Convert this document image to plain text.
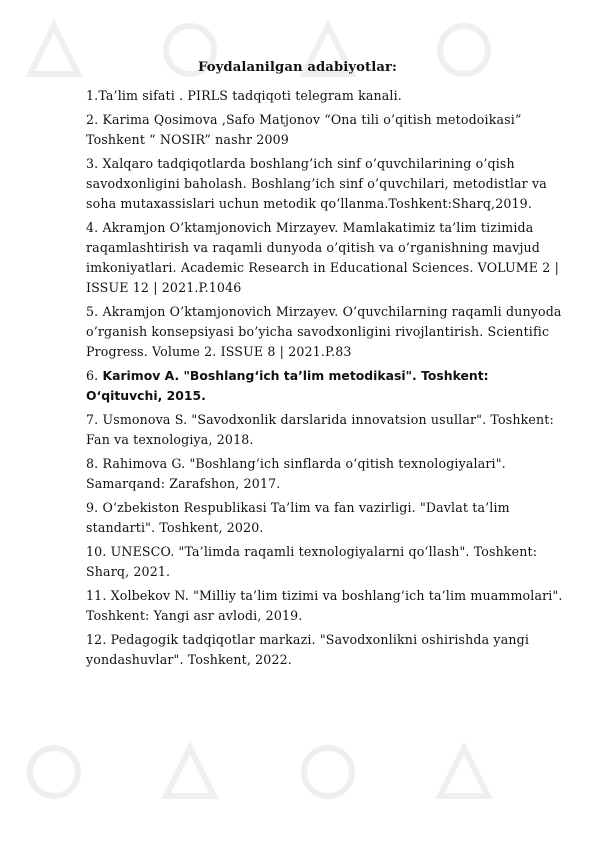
Foydalanilgan adabiyotlar:

1.Ta’lim sifati . PIRLS tadqiqoti telegram kanali.

2. Karima Qosimova ,Safo Matjonov “Ona tili o’qitish metodoikasi” Toshkent “ NOSIR” nashr 2009

3. Xalqaro tadqiqotlarda boshlang’ich sinf o’quvchilarining o’qish savodxonligini baholash. Boshlang’ich sinf o’quvchilari, metodistlar va soha mutaxassislari uchun metodik qo’llanma.Toshkent:Sharq,2019.

4. Akramjon O’ktamjonovich Mirzayev. Mamlakatimiz ta’lim tizimida raqamlashtirish va raqamli dunyoda o’qitish va o’rganishning mavjud imkoniyatlari. Academic Research in Educational Sciences. VOLUME 2 | ISSUE 12 | 2021.P.1046

5. Akramjon O’ktamjonovich Mirzayev. O’quvchilarning raqamli dunyoda o’rganish konsepsiyasi bo’yicha savodxonligini rivojlantirish. Scientific Progress. Volume 2. ISSUE 8 | 2021.P.83

6. Karimov A. "Boshlang‘ich ta’lim metodikasi". Toshkent: O‘qituvchi, 2015.

7. Usmonova S. "Savodxonlik darslarida innovatsion usullar". Toshkent: Fan va texnologiya, 2018.

8. Rahimova G. "Boshlang‘ich sinflarda o‘qitish texnologiyalari". Samarqand: Zarafshon, 2017.

9. O‘zbekiston Respublikasi Ta’lim va fan vazirligi. "Davlat ta’lim standarti". Toshkent, 2020.

10. UNESCO. "Ta’limda raqamli texnologiyalarni qo‘llash". Toshkent: Sharq, 2021.

11. Xolbekov N. "Milliy ta’lim tizimi va boshlang‘ich ta’lim muammolari". Toshkent: Yangi asr avlodi, 2019.

12. Pedagogik tadqiqotlar markazi. "Savodxonlikni oshirishda yangi yondashuvlar". Toshkent, 2022.
